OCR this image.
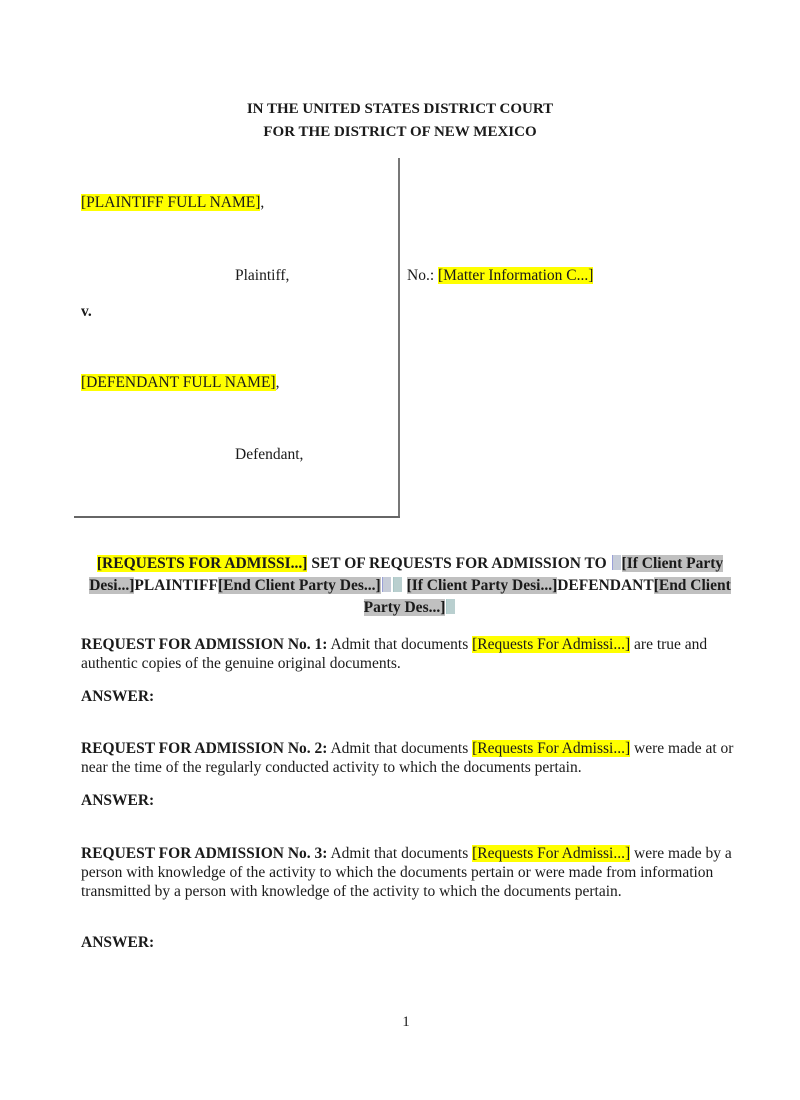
IN THE UNITED STATES DISTRICT COURT
FOR THE DISTRICT OF NEW MEXICO
[PLAINTIFF FULL NAME],
Plaintiff,
v.
[DEFENDANT FULL NAME],
Defendant,
No.: [Matter Information C...]
[REQUESTS FOR ADMISSI...] SET OF REQUESTS FOR ADMISSION TO [If Client Party Desi...]PLAINTIFF[End Client Party Des...] [If Client Party Desi...]DEFENDANT[End Client Party Des...]
REQUEST FOR ADMISSION No. 1: Admit that documents [Requests For Admissi...] are true and authentic copies of the genuine original documents.
ANSWER:
REQUEST FOR ADMISSION No. 2: Admit that documents [Requests For Admissi...] were made at or near the time of the regularly conducted activity to which the documents pertain.
ANSWER:
REQUEST FOR ADMISSION No. 3: Admit that documents [Requests For Admissi...] were made by a person with knowledge of the activity to which the documents pertain or were made from information transmitted by a person with knowledge of the activity to which the documents pertain.
ANSWER:
1
